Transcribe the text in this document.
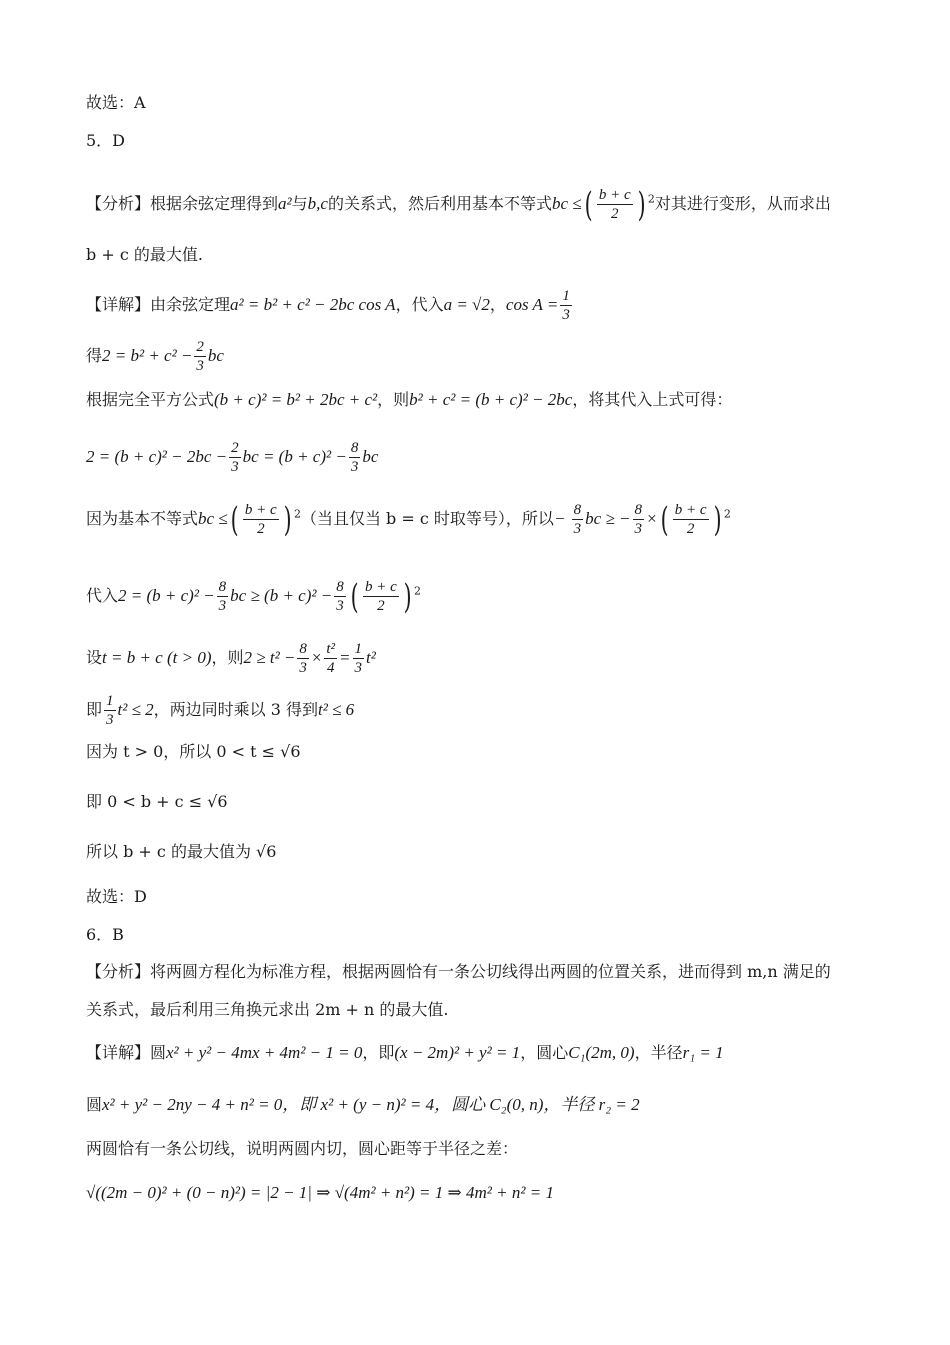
故选：A
5．D
【分析】根据余弦定理得到a²与b,c的关系式，然后利用基本不等式bc ≤( $\frac{b + c}{2}$ ) $^2$对其进行变形，从而求出
b + c 的最大值.
【详解】由余弦定理a² = b² + c² − 2bc cos A，代入a = √2，$\cos A = \frac{1}{3}$
得$2 = b^2 + c^2 - \frac{2}{3}$ bc
根据完全平方公式(b + c)² = b² + 2bc + c²，则b² + c² = (b + c)² − 2bc，将其代入上式可得：
$2 = (b + c)^2 - 2bc - \frac{2}{3}$ bc = $(b + c)^2 - \frac{8}{3}$ bc
因为基本不等式bc ≤( $\frac{b + c}{2}$ ) $^2$（当且仅当 b = c 时取等号），所以− $\frac{8}{3}$ bc ≥ − $\frac{8}{3}$ ×( $\frac{b + c}{2}$ ) $^2$
代入$2 = (b + c)^2 - \frac{8}{3}$ bc ≥ $(b + c)^2 - \frac{8}{3}$ ( $\frac{b + c}{2}$ ) $^2$
设t = b + c (t > 0)，则$2 \ge t^2 - \frac{8}{3} \times \frac{\text{t²}}{4} = \frac{1}{3} t^2$
即 $\frac{1}{3} t^2 \le 2$，两边同时乘以 3 得到t² ≤ 6
因为 t > 0，所以 0 < t ≤ √6
即 0 < b + c ≤ √6
所以 b + c 的最大值为 √6
故选：D
6．B
【分析】将两圆方程化为标准方程，根据两圆恰有一条公切线得出两圆的位置关系，进而得到 m,n 满足的
关系式，最后利用三角换元求出 2m + n 的最大值.
【详解】圆x² + y² − 4mx + 4m² − 1 = 0，即(x − 2m)² + y² = 1，圆心C₁(2m, 0)，半径r₁ = 1
圆x² + y² − 2ny − 4 + n² = 0，即 x² + (y − n)² = 4，圆心 C₂(0, n)，半径 r₂ = 2
两圆恰有一条公切线，说明两圆内切，圆心距等于半径之差：
√((2m − 0)² + (0 − n)²) = |2 − 1| ⇒ √(4m² + n²) = 1 ⇒ 4m² + n² = 1
